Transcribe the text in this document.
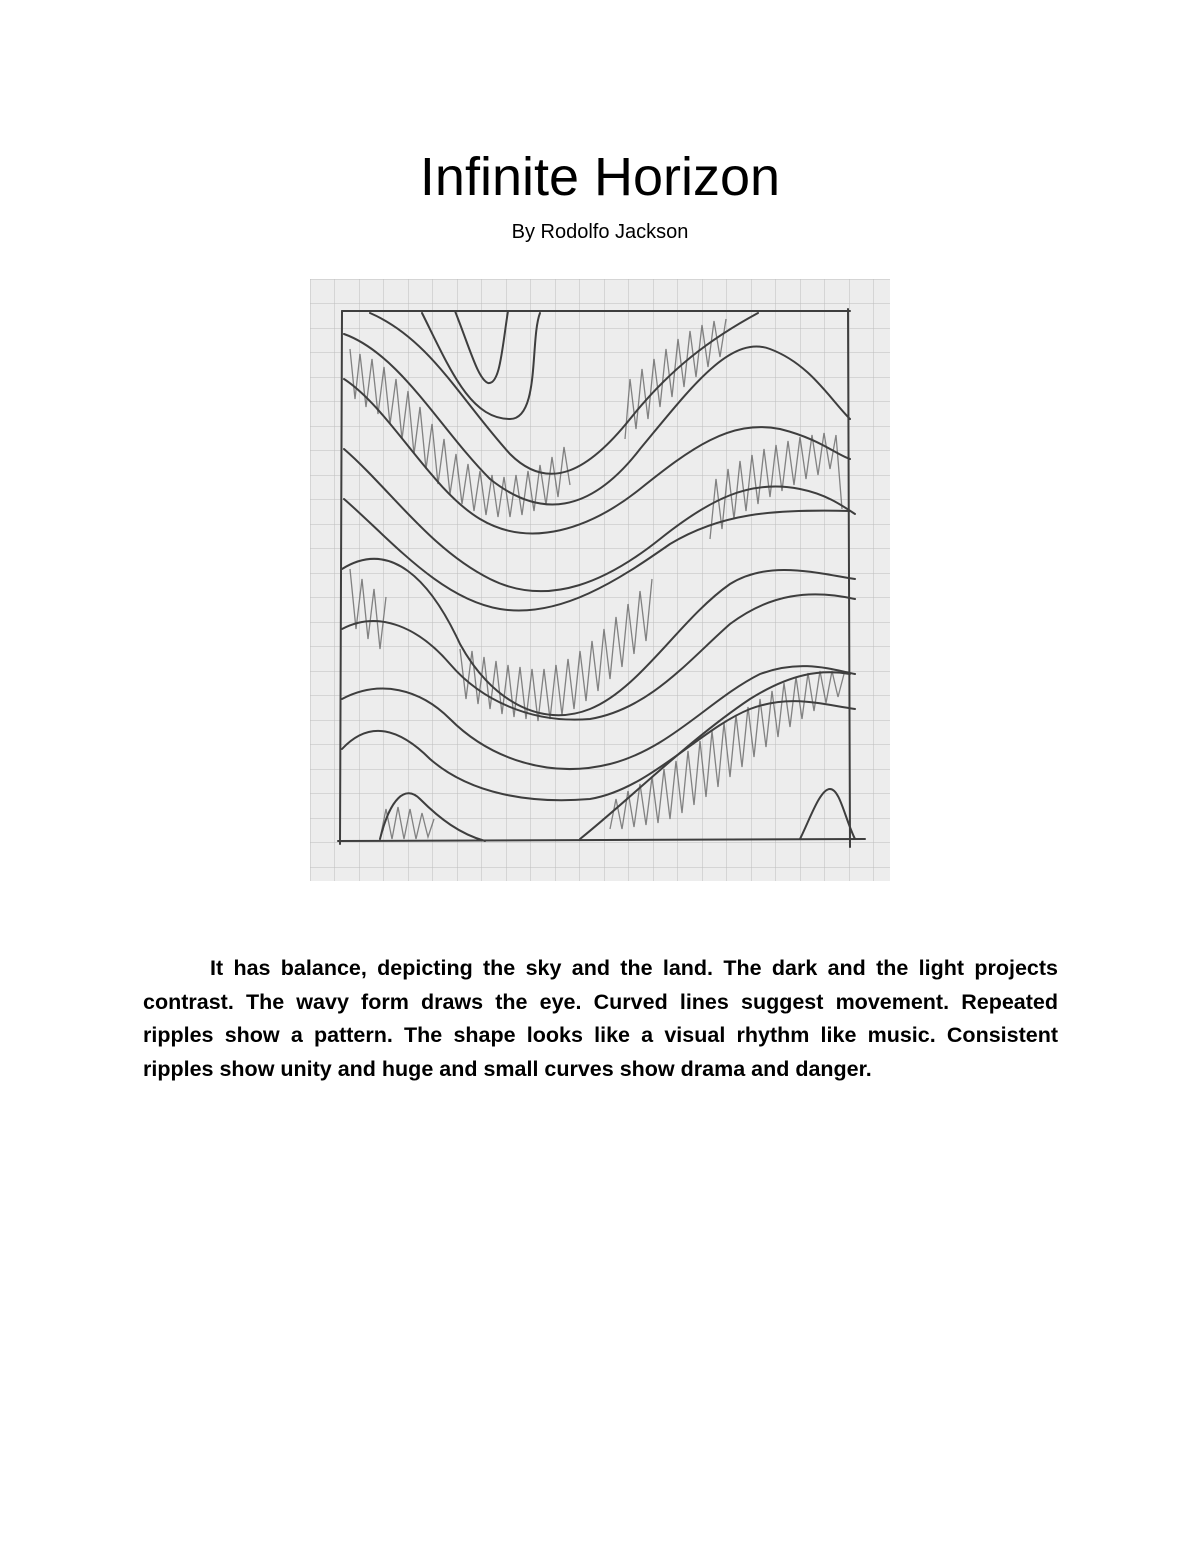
Infinite Horizon
By Rodolfo Jackson

It has balance, depicting the sky and the land. The dark and the light projects contrast. The wavy form draws the eye. Curved lines suggest movement. Repeated ripples show a pattern. The shape looks like a visual rhythm like music. Consistent ripples show unity and huge and small curves show drama and danger.
